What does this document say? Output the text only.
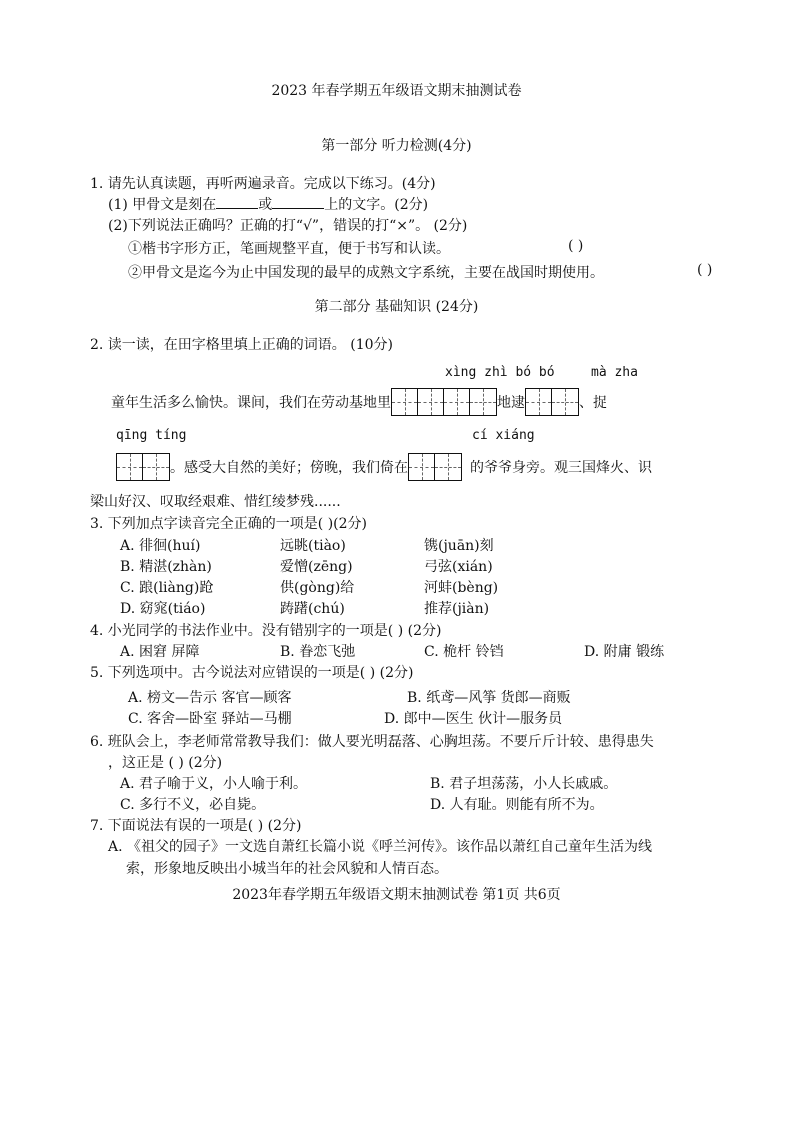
2023 年春学期五年级语文期末抽测试卷
第一部分 听力检测(4分)
1. 请先认真读题，再听两遍录音。完成以下练习。(4分)
(1) 甲骨文是刻在	或	上的文字。(2分)
(2)下列说法正确吗？正确的打“√”，错误的打“×”。 (2分)
①楷书字形方正，笔画规整平直，便于书写和认读。	( )
②甲骨文是迄今为止中国发现的最早的成熟文字系统，主要在战国时期使用。	( )
第二部分 基础知识 (24分)
2. 读一读，在田字格里填上正确的词语。 (10分)
xìng zhì bó bó	mà zha
童年生活多么愉快。课间，我们在劳动基地里	地逮	、捉
qīng tíng	cí xiáng
。感受大自然的美好；傍晚，我们倚在	的爷爷身旁。观三国烽火、识
梁山好汉、叹取经艰难、惜红绫梦残......
3. 下列加点字读音完全正确的一项是( )(2分)
A. 徘徊(huí)	远眺(tiào)	镌(juān)刻
B. 精湛(zhàn)	爱憎(zēng)	弓弦(xián)
C. 踉(liàng)跄	供(gòng)给	河蚌(bèng)
D. 窈窕(tiáo)	踌躇(chú)	推荐(jiàn)
4. 小光同学的书法作业中。没有错别字的一项是( ) (2分)
A. 困窘 屏障	B. 眷恋飞弛	C. 桅杆 铃铛	D. 附庸 锻练
5. 下列选项中。古今说法对应错误的一项是( ) (2分)
A. 榜文—告示 客官—顾客	B. 纸鸢—风筝 货郎—商贩
C. 客舍—卧室 驿站—马棚	D. 郎中—医生 伙计—服务员
6. 班队会上，李老师常常教导我们：做人要光明磊落、心胸坦荡。不要斤斤计较、患得患失
，这正是 ( ) (2分)
A. 君子喻于义，小人喻于利。	B. 君子坦荡荡，小人长戚戚。
C. 多行不义，必自毙。	D. 人有耻。则能有所不为。
7. 下面说法有误的一项是( ) (2分)
A. 《祖父的园子》一文选自萧红长篇小说《呼兰河传》。该作品以萧红自己童年生活为线
索，形象地反映出小城当年的社会风貌和人情百态。
2023年春学期五年级语文期末抽测试卷 第1页 共6页
